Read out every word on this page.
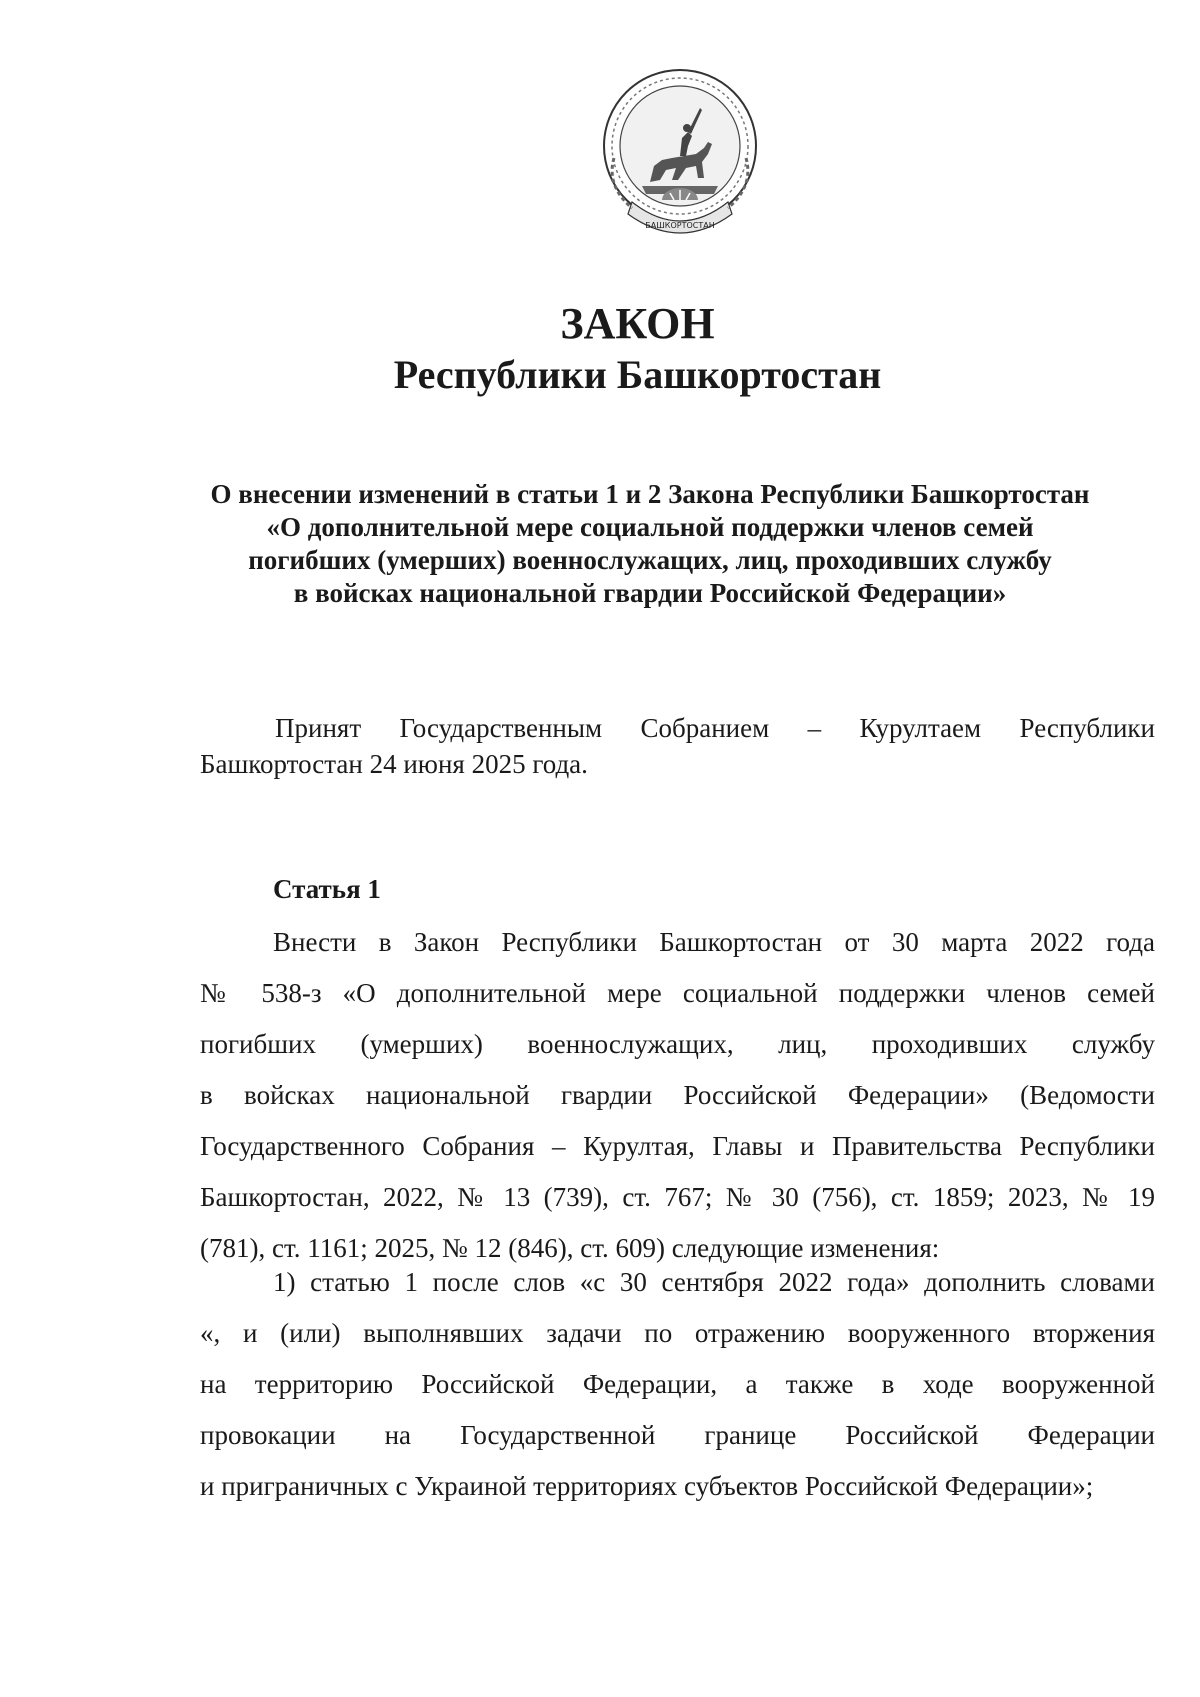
БАШКОРТОСТАН
ЗАКОН
Республики Башкортостан
О внесении изменений в статьи 1 и 2 Закона Республики Башкортостан
«О дополнительной мере социальной поддержки членов семей
погибших (умерших) военнослужащих, лиц, проходивших службу
в войсках национальной гвардии Российской Федерации»
Принят Государственным Собранием – Курултаем Республики
Башкортостан 24 июня 2025 года.
Статья 1
Внести в Закон Республики Башкортостан от 30 марта 2022 года
№ 538-з «О дополнительной мере социальной поддержки членов семей
погибших (умерших) военнослужащих, лиц, проходивших службу
в войсках национальной гвардии Российской Федерации» (Ведомости
Государственного Собрания – Курултая, Главы и Правительства Республики
Башкортостан, 2022, № 13 (739), ст. 767; № 30 (756), ст. 1859; 2023, № 19
(781), ст. 1161; 2025, № 12 (846), ст. 609) следующие изменения:
1) статью 1 после слов «с 30 сентября 2022 года» дополнить словами
«, и (или) выполнявших задачи по отражению вооруженного вторжения
на территорию Российской Федерации, а также в ходе вооруженной
провокации на Государственной границе Российской Федерации
и приграничных с Украиной территориях субъектов Российской Федерации»;
